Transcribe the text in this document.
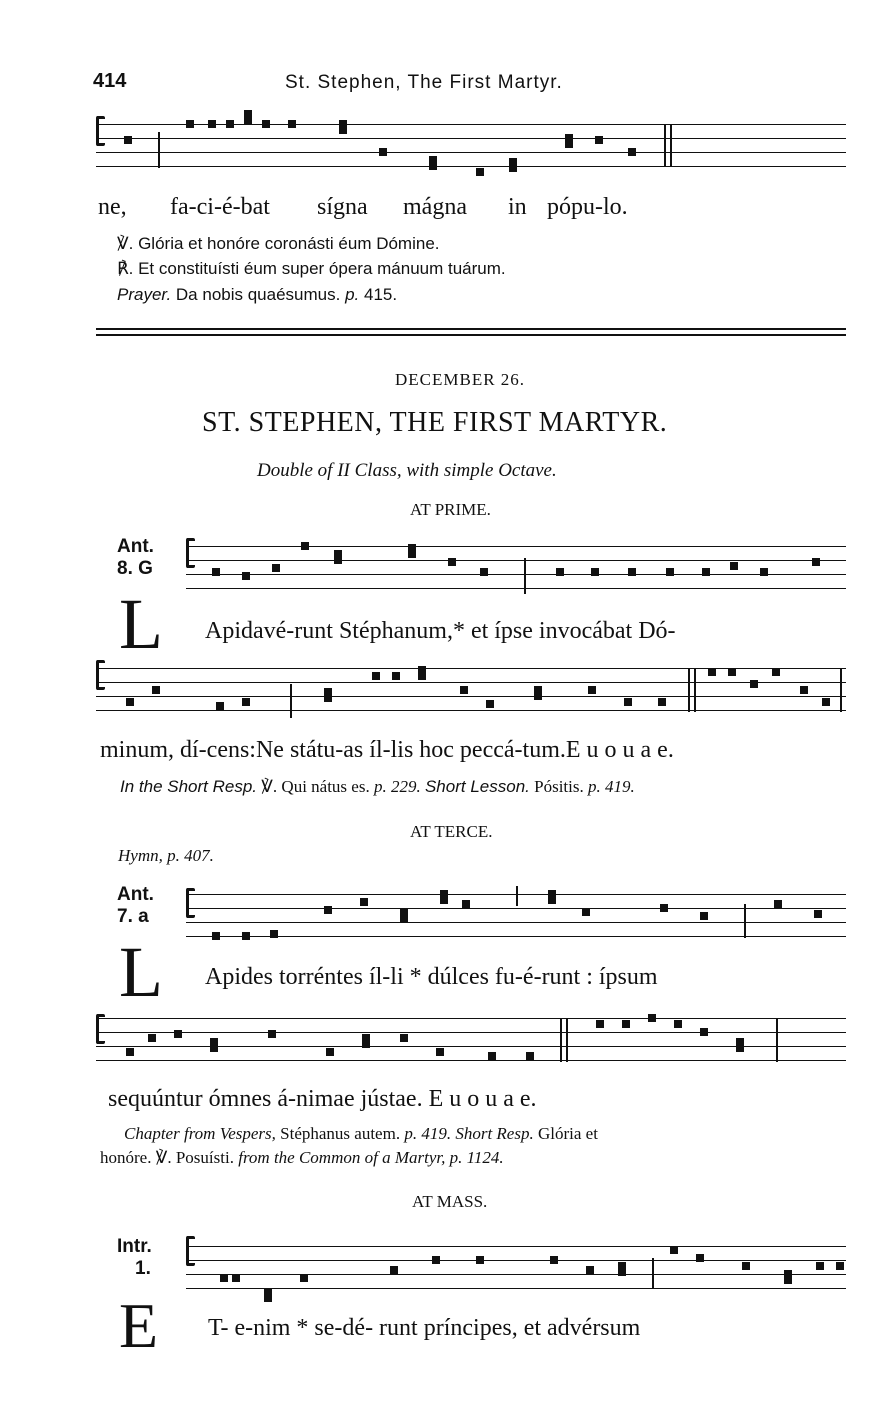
414	St. Stephen, The First Martyr.
ne, fa-ci-é-bat sígna mágna in pópu-lo.
℣. Glória et honóre coronásti éum Dómine.
℟. Et constituísti éum super ópera mánuum tuárum.
Prayer. Da nobis quaésumus. p. 415.
DECEMBER 26.
ST. STEPHEN, THE FIRST MARTYR.
Double of II Class, with simple Octave.
AT PRIME.
Ant.
8. G
L Apidavé-runt Stéphanum,* et ípse invocábat Dó-
minum, dí-cens:Ne státu-as íl-lis hoc peccá-tum.E u o u a e.
In the Short Resp. ℣. Qui nátus es. p. 229. Short Lesson. Pósitis. p. 419.
AT TERCE.
Hymn, p. 407.
Ant.
7. a
L Apides torréntes íl-li * dúlces fu-é-runt : ípsum
sequúntur ómnes á-nimae jústae. E u o u a e.
Chapter from Vespers, Stéphanus autem. p. 419. Short Resp. Glória et
honóre. ℣. Posuísti. from the Common of a Martyr, p. 1124.
AT MASS.
Intr.
1.
E T- e-nim * se-dé- runt príncipes, et advérsum
